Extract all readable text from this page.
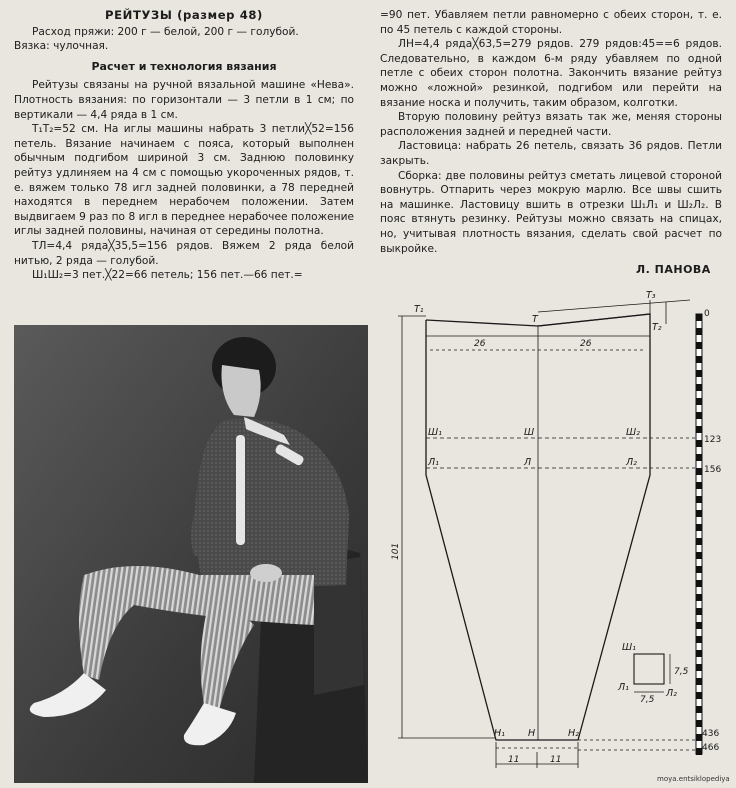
РЕЙТУЗЫ (размер 48)

Расход пряжи: 200 г — белой, 200 г — голубой.

Вязка: чулочная.

Расчет и технология вязания

Рейтузы связаны на ручной вязальной машине «Нева». Плотность вязания: по горизонтали — 3 петли в 1 см; по вертикали — 4,4 ряда в 1 см.

Т₁Т₂=52 см. На иглы машины набрать 3 петли╳52=156 петель. Вязание начинаем с пояса, который выполнен обычным подгибом шириной 3 см. Заднюю половинку рейтуз удлиняем на 4 см с помощью укороченных рядов, т. е. вяжем только 78 игл задней половинки, а 78 передней находятся в переднем нерабочем положении. Затем выдвигаем 9 раз по 8 игл в переднее нерабочее положение иглы задней половины, начиная от середины полотна.

ТЛ=4,4 ряда╳35,5=156 рядов. Вяжем 2 ряда белой нитью, 2 ряда — голубой.

Ш₁Ш₂=3 пет.╳22=66 петель; 156 пет.—66 пет.=

=90 пет. Убавляем петли равномерно с обеих сторон, т. е. по 45 петель с каждой стороны.

ЛН=4,4 ряда╳63,5=279 рядов. 279 рядов:45==6 рядов. Следовательно, в каждом 6-м ряду убавляем по одной петле с обеих сторон полотна. Закончить вязание рейтуз можно «ложной» резинкой, подгибом или перейти на вязание носка и получить, таким образом, колготки.

Вторую половину рейтуз вязать так же, меняя стороны расположения задней и передней части.

Ластовица: набрать 26 петель, связать 36 рядов. Петли закрыть.

Сборка: две половины рейтуз сметать лицевой стороной вовнутрь. Отпарить через мокрую марлю. Все швы сшить на машинке. Ластовицу вшить в отрезки Ш₁Л₁ и Ш₂Л₂. В пояс втянуть резинку. Рейтузы можно связать на спицах, но, учитывая плотность вязания, сделать свой расчет по выкройке.

Л. ПАНОВА
Т₁
Т
Т₂
Т₃
Ш₁	Ш	Ш₂
Л₁	Л	Л₂
Н₁ Н	Н₂
Ш₁
Л₁
Л₂
26	26
101
11	11
7,5
7,5
0
123
156
436
466
moya.entsiklopediya
